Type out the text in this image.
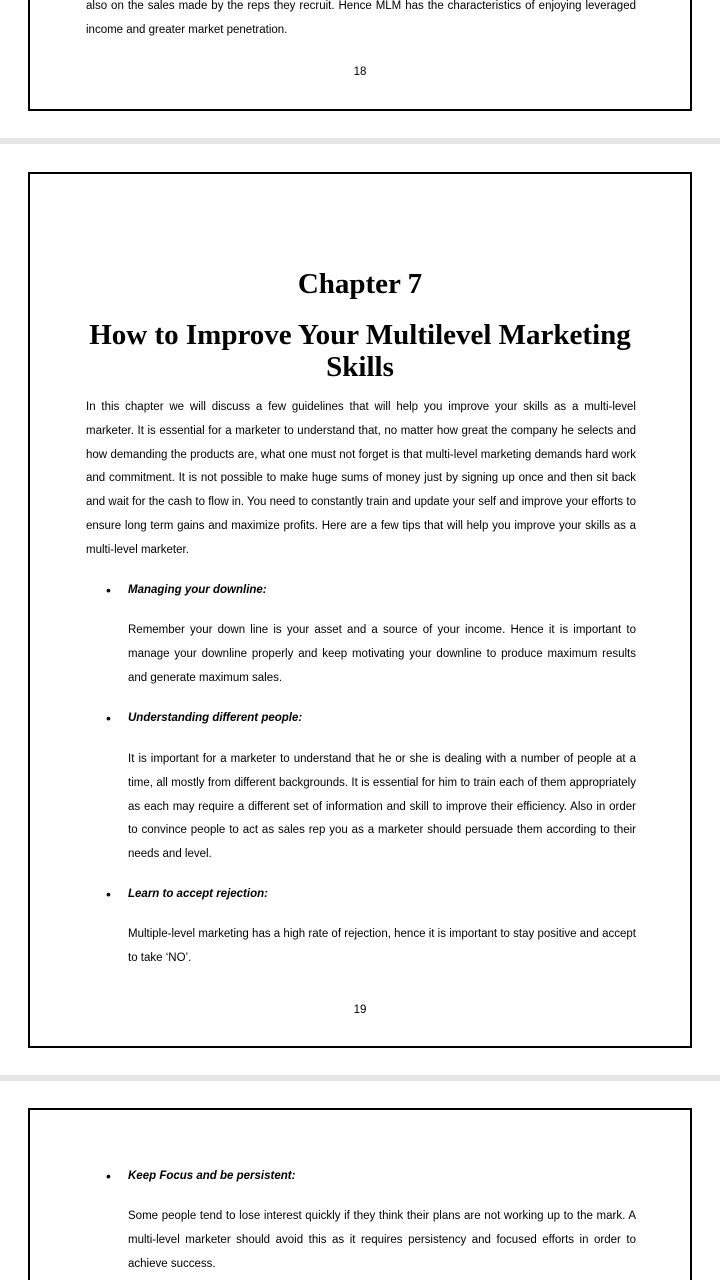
also on the sales made by the reps they recruit. Hence MLM has the characteristics of enjoying leveraged income and greater market penetration.

18
Chapter 7
How to Improve Your Multilevel Marketing Skills

In this chapter we will discuss a few guidelines that will help you improve your skills as a multi-level marketer. It is essential for a marketer to understand that, no matter how great the company he selects and how demanding the products are, what one must not forget is that multi-level marketing demands hard work and commitment. It is not possible to make huge sums of money just by signing up once and then sit back and wait for the cash to flow in. You need to constantly train and update your self and improve your efforts to ensure long term gains and maximize profits. Here are a few tips that will help you improve your skills as a multi-level marketer.

•	Managing your downline:

Remember your down line is your asset and a source of your income. Hence it is important to manage your downline properly and keep motivating your downline to produce maximum results and generate maximum sales.

•	Understanding different people:

It is important for a marketer to understand that he or she is dealing with a number of people at a time, all mostly from different backgrounds. It is essential for him to train each of them appropriately as each may require a different set of information and skill to improve their efficiency. Also in order to convince people to act as sales rep you as a marketer should persuade them according to their needs and level.

•	Learn to accept rejection:

Multiple-level marketing has a high rate of rejection, hence it is important to stay positive and accept to take ‘NO’.

19
•	Keep Focus and be persistent:

Some people tend to lose interest quickly if they think their plans are not working up to the mark. A multi-level marketer should avoid this as it requires persistency and focused efforts in order to achieve success.
